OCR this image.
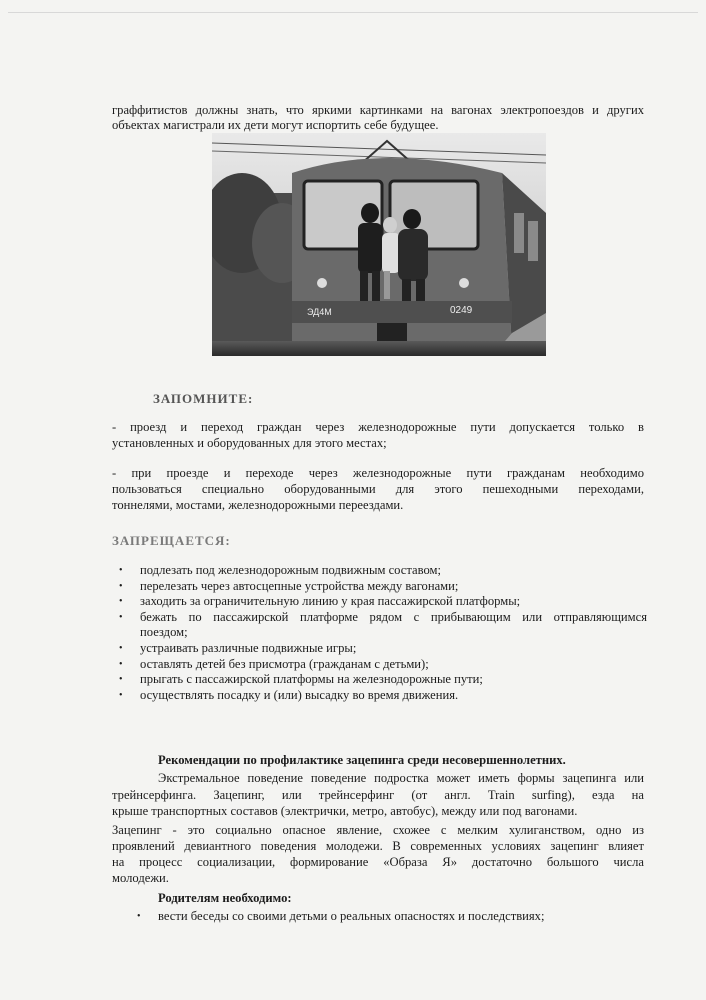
граффитистов должны знать, что яркими картинками на вагонах электропоездов и других

объектах магистрали их дети могут испортить себе будущее.

ЭД4М	0249
ЗАПОМНИТЕ:

- проезд и переход граждан через железнодорожные пути допускается только в

установленных и оборудованных для этого местах;

- при проезде и переходе через железнодорожные пути гражданам необходимо

пользоваться специально оборудованными для этого пешеходными переходами,

тоннелями, мостами, железнодорожными переездами.

ЗАПРЕЩАЕТСЯ:
• подлезать под железнодорожным подвижным составом;
• перелезать через автосцепные устройства между вагонами;
• заходить за ограничительную линию у края пассажирской платформы;
• бежать по пассажирской платформе рядом с прибывающим или отправляющимся
поездом;
• устраивать различные подвижные игры;
• оставлять детей без присмотра (гражданам с детьми);
• прыгать с пассажирской платформы на железнодорожные пути;
• осуществлять посадку и (или) высадку во время движения.

Рекомендации по профилактике зацепинга среди несовершеннолетних.

Экстремальное поведение поведение подростка может иметь формы зацепинга или

трейнсерфинга. Зацепинг, или трейнсерфинг (от англ. Train surfing), езда на

крыше транспортных составов (электрички, метро, автобус), между или под вагонами.

Зацепинг - это социально опасное явление, схожее с мелким хулиганством, одно из

проявлений девиантного поведения молодежи. В современных условиях зацепинг влияет

на процесс социализации, формирование «Образа Я» достаточно большого числа

молодежи.

Родителям необходимо:

• вести беседы со своими детьми о реальных опасностях и последствиях;
